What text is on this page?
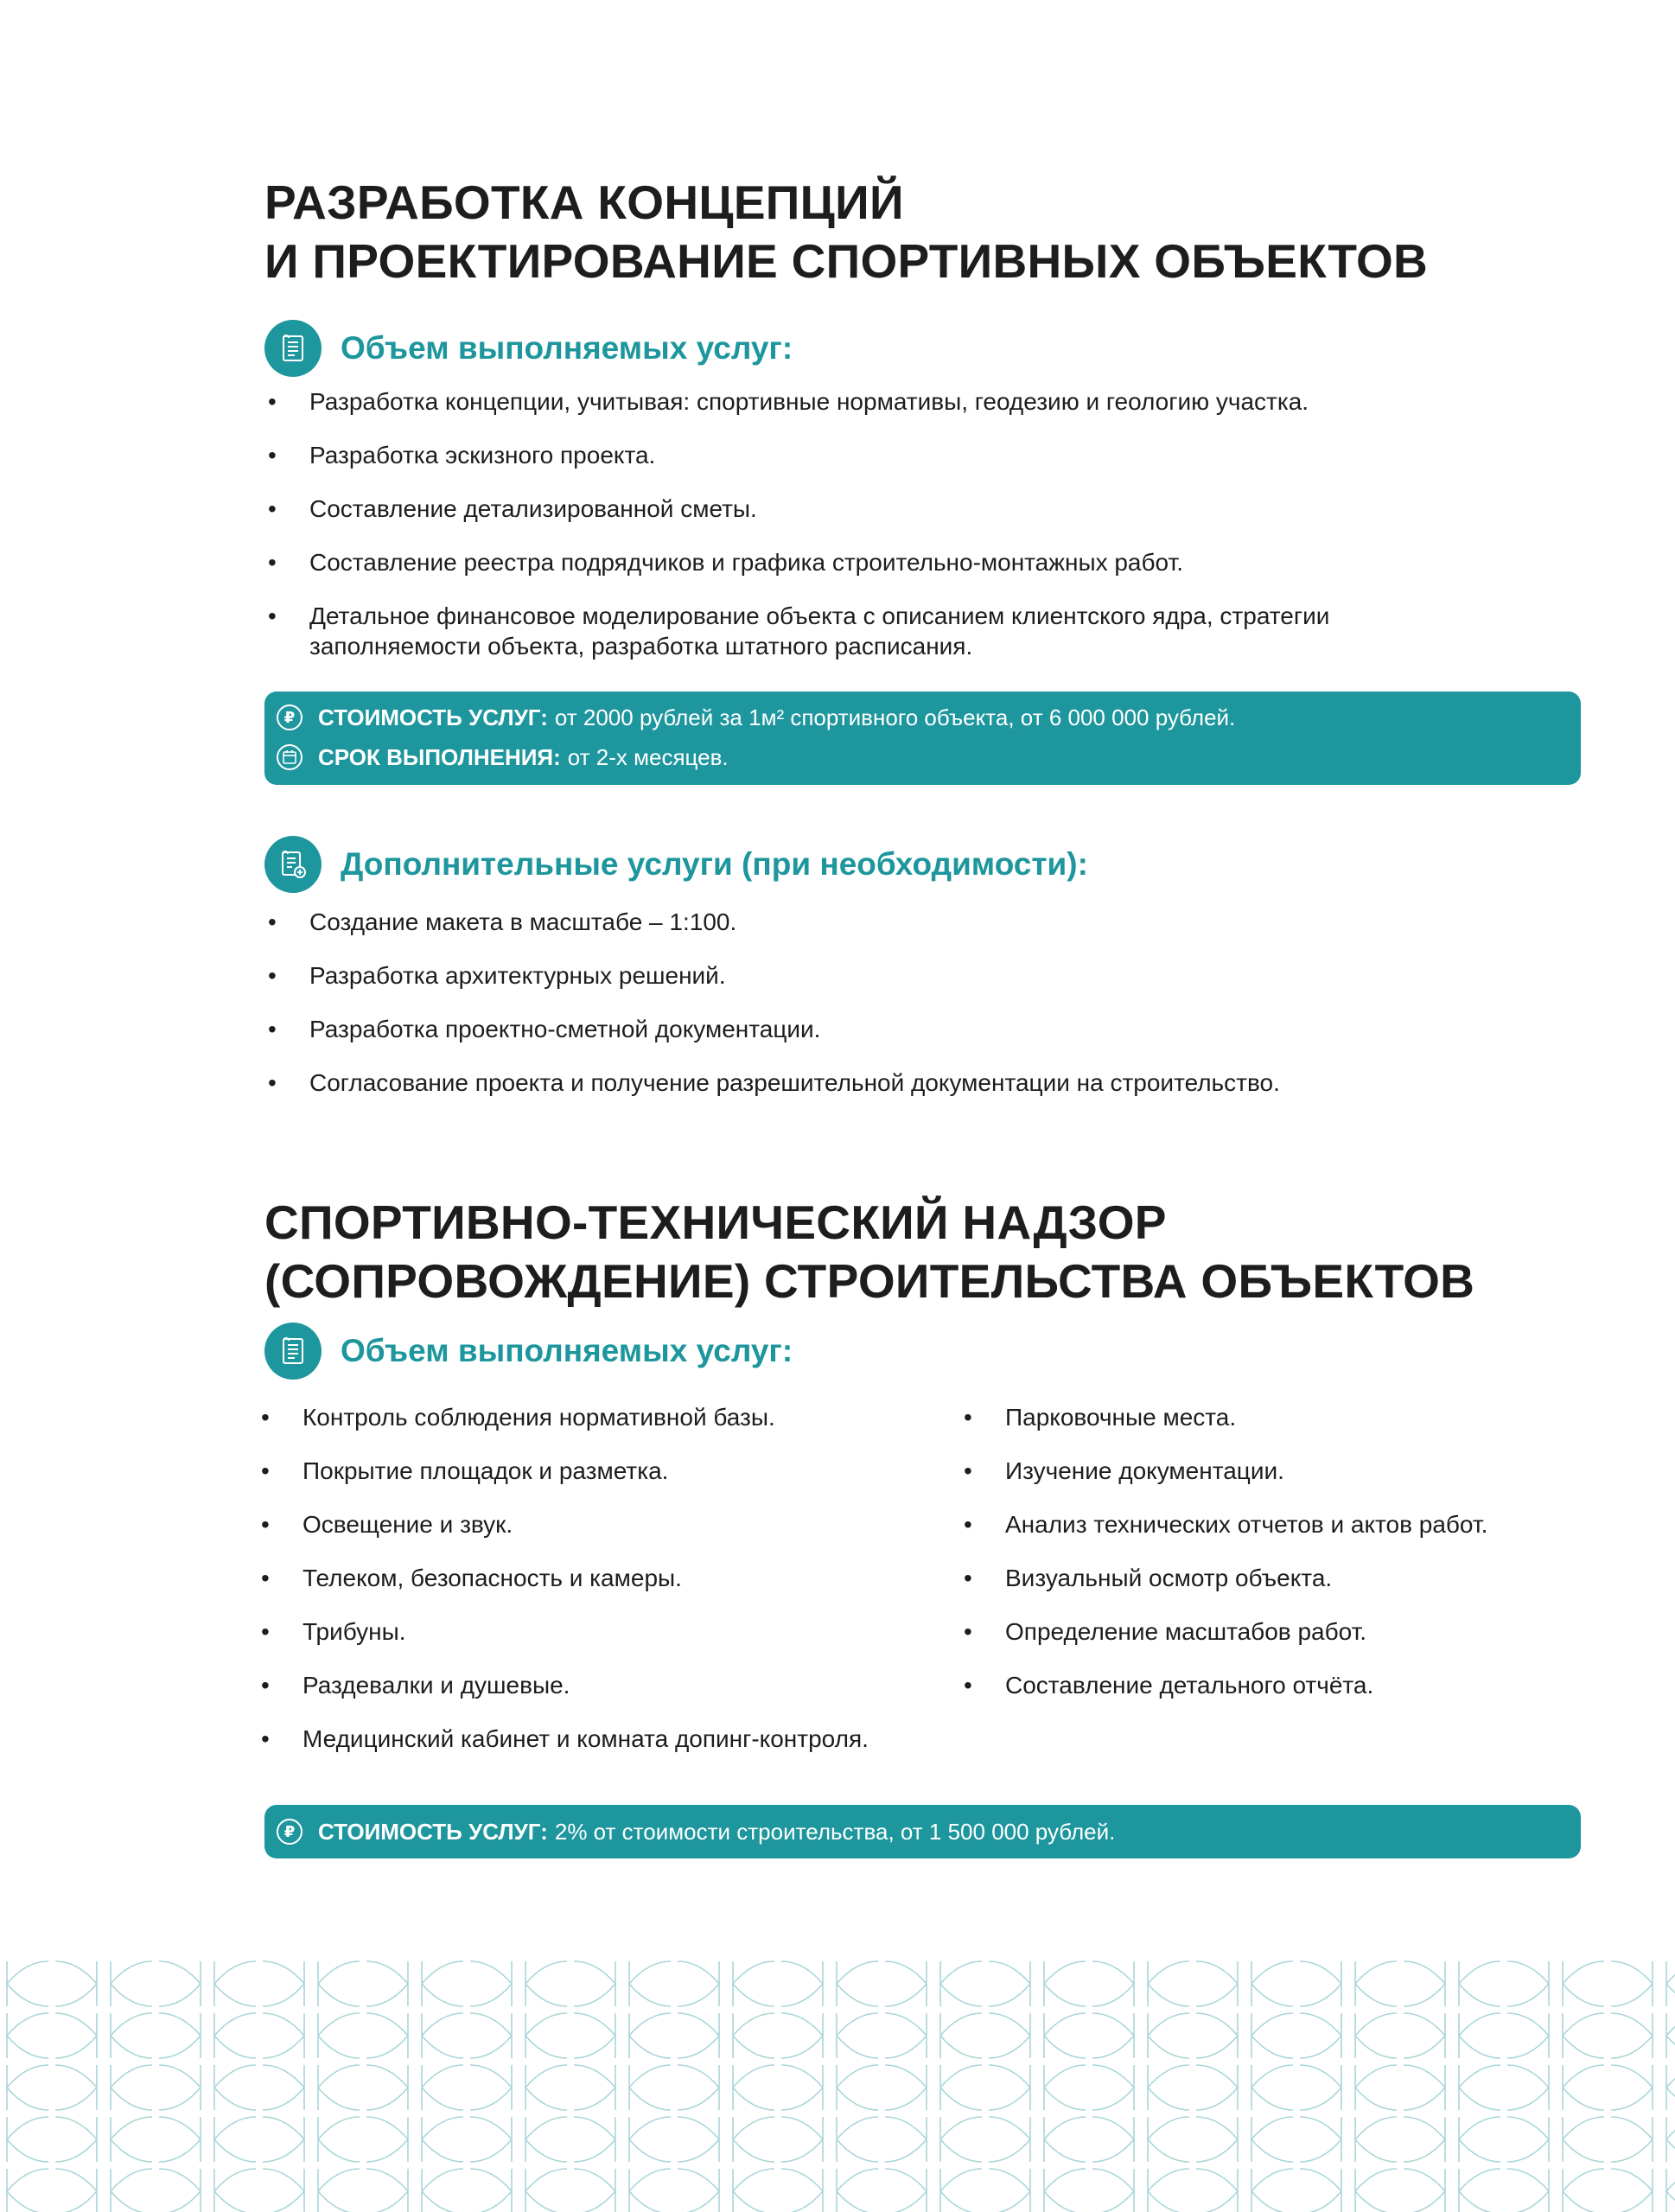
РАЗРАБОТКА КОНЦЕПЦИЙ
И ПРОЕКТИРОВАНИЕ СПОРТИВНЫХ ОБЪЕКТОВ
Объем выполняемых услуг:
• Разработка концепции, учитывая: спортивные нормативы, геодезию и геологию участка.
• Разработка эскизного проекта.
• Составление детализированной сметы.
• Составление реестра подрядчиков и графика строительно-монтажных работ.
• Детальное финансовое моделирование объекта с описанием клиентского ядра, стратегии заполняемости объекта, разработка штатного расписания.
₽	СТОИМОСТЬ УСЛУГ: от 2000 рублей за 1м² спортивного объекта, от 6 000 000 рублей.
СРОК ВЫПОЛНЕНИЯ: от 2-х месяцев.
Дополнительные услуги (при необходимости):
• Создание макета в масштабе – 1:100.
• Разработка архитектурных решений.
• Разработка проектно-сметной документации.
• Согласование проекта и получение разрешительной документации на строительство.
СПОРТИВНО-ТЕХНИЧЕСКИЙ НАДЗОР
(СОПРОВОЖДЕНИЕ) СТРОИТЕЛЬСТВА ОБЪЕКТОВ
Объем выполняемых услуг:
• Контроль соблюдения нормативной базы.
• Покрытие площадок и разметка.
• Освещение и звук.
• Телеком, безопасность и камеры.
• Трибуны.
• Раздевалки и душевые.
• Медицинский кабинет и комната допинг-контроля.
• Парковочные места.
• Изучение документации.
• Анализ технических отчетов и актов работ.
• Визуальный осмотр объекта.
• Определение масштабов работ.
• Составление детального отчёта.
₽	СТОИМОСТЬ УСЛУГ: 2% от стоимости строительства, от 1 500 000 рублей.
